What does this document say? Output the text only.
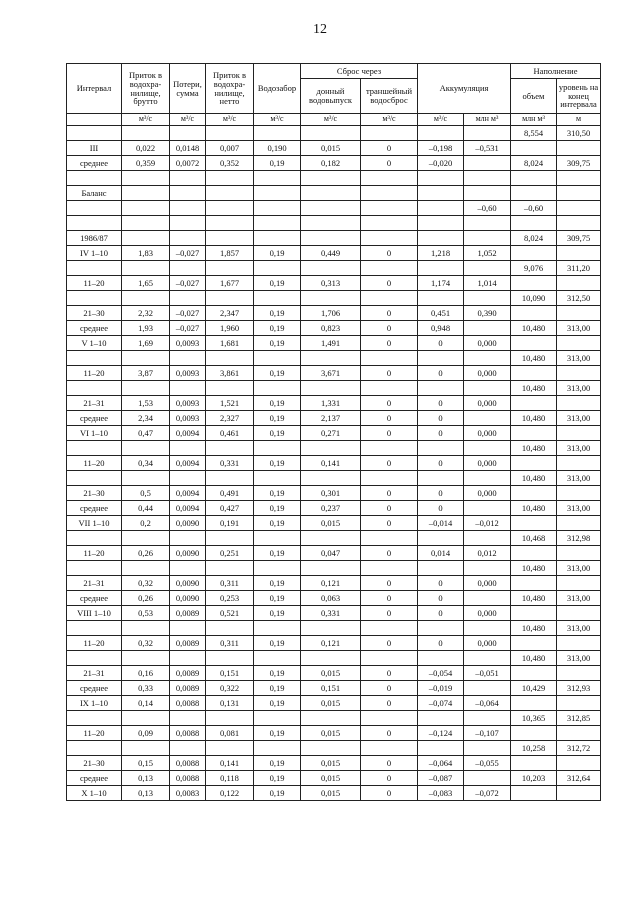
12
Интервал	Приток в водохра-нилище, брутто	Потери, сумма	Приток в водохра-нилище, нетто	Водозабор	Сброс через		Аккумуляция		Наполнение	
					донный водовыпуск	траншейный водосброс			объем	уровень на конец интервала
	м³/с	м³/с	м³/с	м³/с	м³/с	м³/с	м³/с	млн м³	млн м³	м
									8,554	310,50
III	0,022	0,0148	0,007	0,190	0,015	0	–0,198	–0,531		
среднее	0,359	0,0072	0,352	0,19	0,182	0	–0,020		8,024	309,75

Баланс										
								–0,60	–0,60	

1986/87									8,024	309,75
IV 1–10	1,83	–0,027	1,857	0,19	0,449	0	1,218	1,052		
									9,076	311,20
11–20	1,65	–0,027	1,677	0,19	0,313	0	1,174	1,014		
									10,090	312,50
21–30	2,32	–0,027	2,347	0,19	1,706	0	0,451	0,390		
среднее	1,93	–0,027	1,960	0,19	0,823	0	0,948		10,480	313,00
V 1–10	1,69	0,0093	1,681	0,19	1,491	0	0	0,000		
									10,480	313,00
11–20	3,87	0,0093	3,861	0,19	3,671	0	0	0,000		
									10,480	313,00
21–31	1,53	0,0093	1,521	0,19	1,331	0	0	0,000		
среднее	2,34	0,0093	2,327	0,19	2,137	0	0		10,480	313,00
VI 1–10	0,47	0,0094	0,461	0,19	0,271	0	0	0,000		
									10,480	313,00
11–20	0,34	0,0094	0,331	0,19	0,141	0	0	0,000		
									10,480	313,00
21–30	0,5	0,0094	0,491	0,19	0,301	0	0	0,000		
среднее	0,44	0,0094	0,427	0,19	0,237	0	0		10,480	313,00
VII 1–10	0,2	0,0090	0,191	0,19	0,015	0	–0,014	–0,012		
									10,468	312,98
11–20	0,26	0,0090	0,251	0,19	0,047	0	0,014	0,012		
									10,480	313,00
21–31	0,32	0,0090	0,311	0,19	0,121	0	0	0,000		
среднее	0,26	0,0090	0,253	0,19	0,063	0	0		10,480	313,00
VIII 1–10	0,53	0,0089	0,521	0,19	0,331	0	0	0,000		
									10,480	313,00
11–20	0,32	0,0089	0,311	0,19	0,121	0	0	0,000		
									10,480	313,00
21–31	0,16	0,0089	0,151	0,19	0,015	0	–0,054	–0,051		
среднее	0,33	0,0089	0,322	0,19	0,151	0	–0,019		10,429	312,93
IX 1–10	0,14	0,0088	0,131	0,19	0,015	0	–0,074	–0,064		
									10,365	312,85
11–20	0,09	0,0088	0,081	0,19	0,015	0	–0,124	–0,107		
									10,258	312,72
21–30	0,15	0,0088	0,141	0,19	0,015	0	–0,064	–0,055		
среднее	0,13	0,0088	0,118	0,19	0,015	0	–0,087		10,203	312,64
X 1–10	0,13	0,0083	0,122	0,19	0,015	0	–0,083	–0,072		
